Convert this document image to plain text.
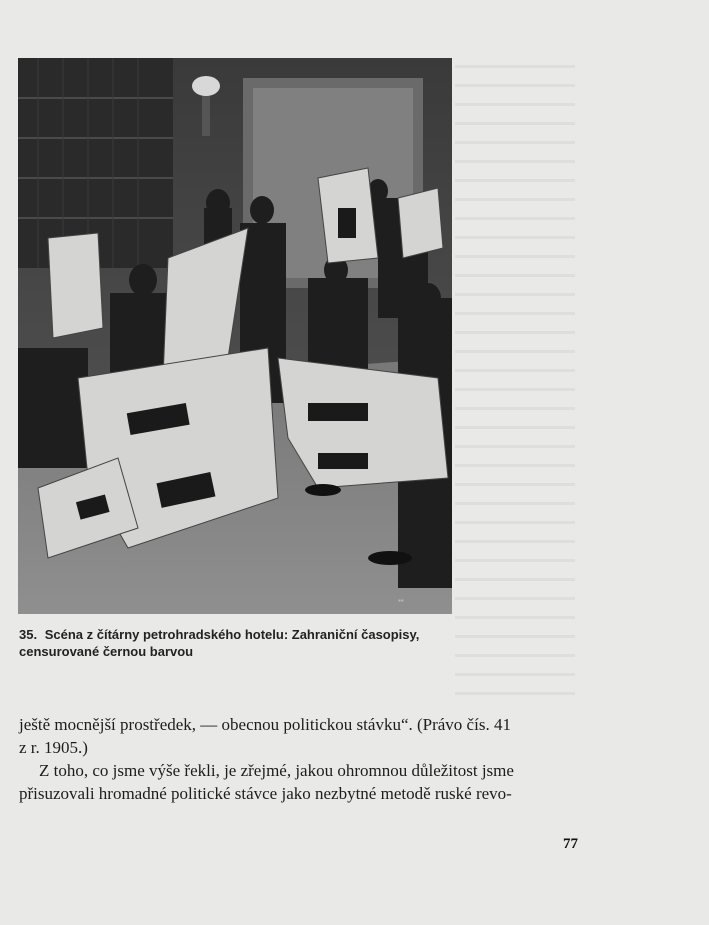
▪▪
35. Scéna z čítárny petrohradského hotelu: Zahraniční časopisy, censurované černou barvou
ještě mocnější prostředek, — obecnou politickou stávku“. (Právo čís. 41
z r. 1905.)
Z toho, co jsme výše řekli, je zřejmé, jakou ohromnou důležitost jsme
přisuzovali hromadné politické stávce jako nezbytné metodě ruské revo-
77
